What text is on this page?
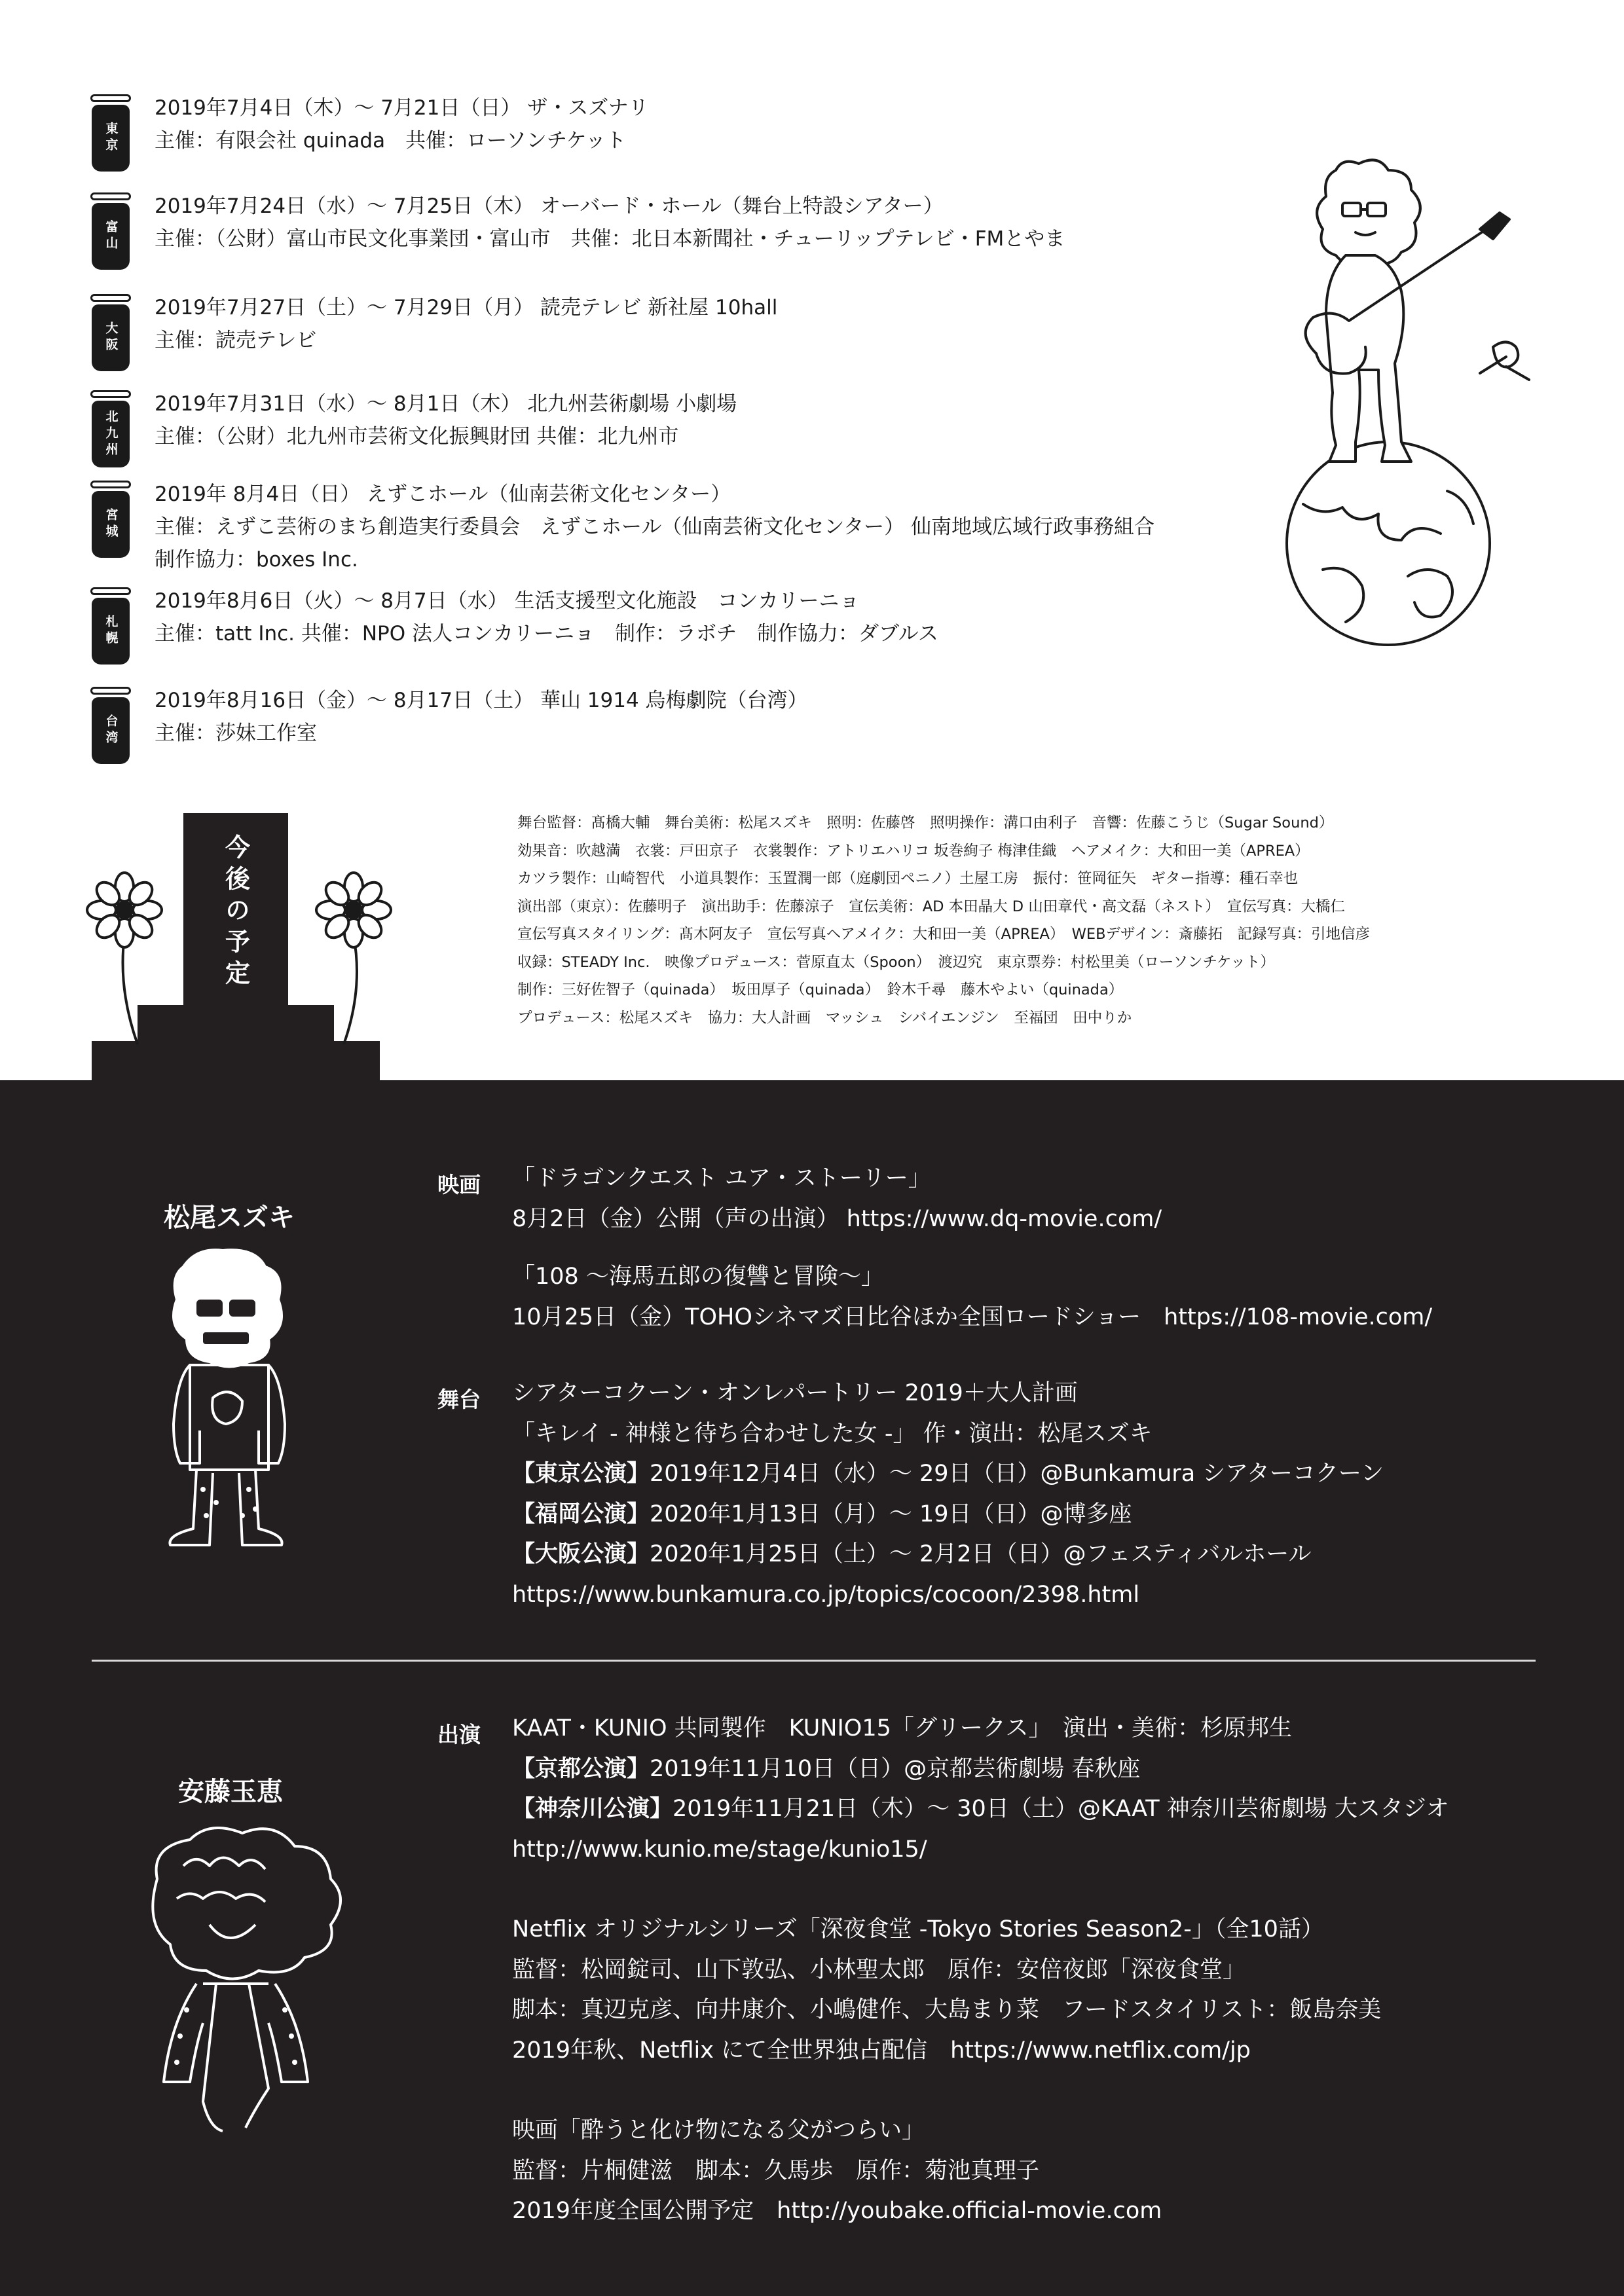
東京
2019年7月4日（木）～ 7月21日（日） ザ・スズナリ
主催：有限会社 quinada　共催：ローソンチケット
富山
2019年7月24日（水）～ 7月25日（木） オーバード・ホール（舞台上特設シアター）
主催：（公財）富山市民文化事業団・富山市　共催：北日本新聞社・チューリップテレビ・FMとやま
大阪
2019年7月27日（土）～ 7月29日（月） 読売テレビ 新社屋 10hall
主催：読売テレビ
北九州
2019年7月31日（水）～ 8月1日（木） 北九州芸術劇場 小劇場
主催：（公財）北九州市芸術文化振興財団 共催：北九州市
宮城
2019年 8月4日（日） えずこホール（仙南芸術文化センター）
主催：えずこ芸術のまち創造実行委員会　えずこホール（仙南芸術文化センター） 仙南地域広域行政事務組合
制作協力：boxes Inc.
札幌
2019年8月6日（火）～ 8月7日（水） 生活支援型文化施設　コンカリーニョ
主催：tatt Inc. 共催：NPO 法人コンカリーニョ　制作：ラボチ　制作協力：ダブルス
台湾
2019年8月16日（金）～ 8月17日（土） 華山 1914 烏梅劇院（台湾）
主催：莎妹工作室
今後の予定
舞台監督：髙橋大輔　舞台美術：松尾スズキ　照明：佐藤啓　照明操作：溝口由利子　音響：佐藤こうじ（Sugar Sound）
効果音：吹越満　衣裳：戸田京子　衣裳製作：アトリエハリコ 坂巻絢子 梅津佳織　ヘアメイク：大和田一美（APREA）
カツラ製作：山崎智代　小道具製作：玉置潤一郎（庭劇団ペニノ）土屋工房　振付：笹岡征矢　ギター指導：種石幸也
演出部（東京）：佐藤明子　演出助手：佐藤涼子　宣伝美術：AD 本田晶大 D 山田章代・高文磊（ネスト）　宣伝写真：大橋仁
宣伝写真スタイリング：髙木阿友子　宣伝写真ヘアメイク：大和田一美（APREA）　WEBデザイン：斎藤拓　記録写真：引地信彦
収録：STEADY Inc.　映像プロデュース：菅原直太（Spoon）　渡辺究　東京票券：村松里美（ローソンチケット）
制作：三好佐智子（quinada）　坂田厚子（quinada）　鈴木千尋　藤木やよい（quinada）
プロデュース：松尾スズキ　協力：大人計画　マッシュ　シバイエンジン　至福団　田中りか
松尾スズキ
安藤玉恵
映画 「ドラゴンクエスト ユア・ストーリー」
8月2日（金）公開（声の出演） https://www.dq-movie.com/
「108 ～海馬五郎の復讐と冒険～」
10月25日（金）TOHOシネマズ日比谷ほか全国ロードショー　https://108-movie.com/
舞台 シアターコクーン・オンレパートリー 2019＋大人計画
「キレイ - 神様と待ち合わせした女 -」 作・演出：松尾スズキ
【東京公演】2019年12月4日（水）～ 29日（日）@Bunkamura シアターコクーン
【福岡公演】2020年1月13日（月）～ 19日（日）@博多座
【大阪公演】2020年1月25日（土）～ 2月2日（日）@フェスティバルホール
https://www.bunkamura.co.jp/topics/cocoon/2398.html
出演 KAAT・KUNIO 共同製作　KUNIO15「グリークス」　演出・美術：杉原邦生
【京都公演】2019年11月10日（日）@京都芸術劇場 春秋座
【神奈川公演】2019年11月21日（木）～ 30日（土）@KAAT 神奈川芸術劇場 大スタジオ
http://www.kunio.me/stage/kunio15/
Netflix オリジナルシリーズ「深夜食堂 -Tokyo Stories Season2-」（全10話）
監督：松岡錠司、山下敦弘、小林聖太郎　原作：安倍夜郎「深夜食堂」
脚本：真辺克彦、向井康介、小嶋健作、大島まり菜　フードスタイリスト：飯島奈美
2019年秋、Netflix にて全世界独占配信　https://www.netflix.com/jp
映画「酔うと化け物になる父がつらい」
監督：片桐健滋　脚本：久馬歩　原作：菊池真理子
2019年度全国公開予定　http://youbake.official-movie.com
